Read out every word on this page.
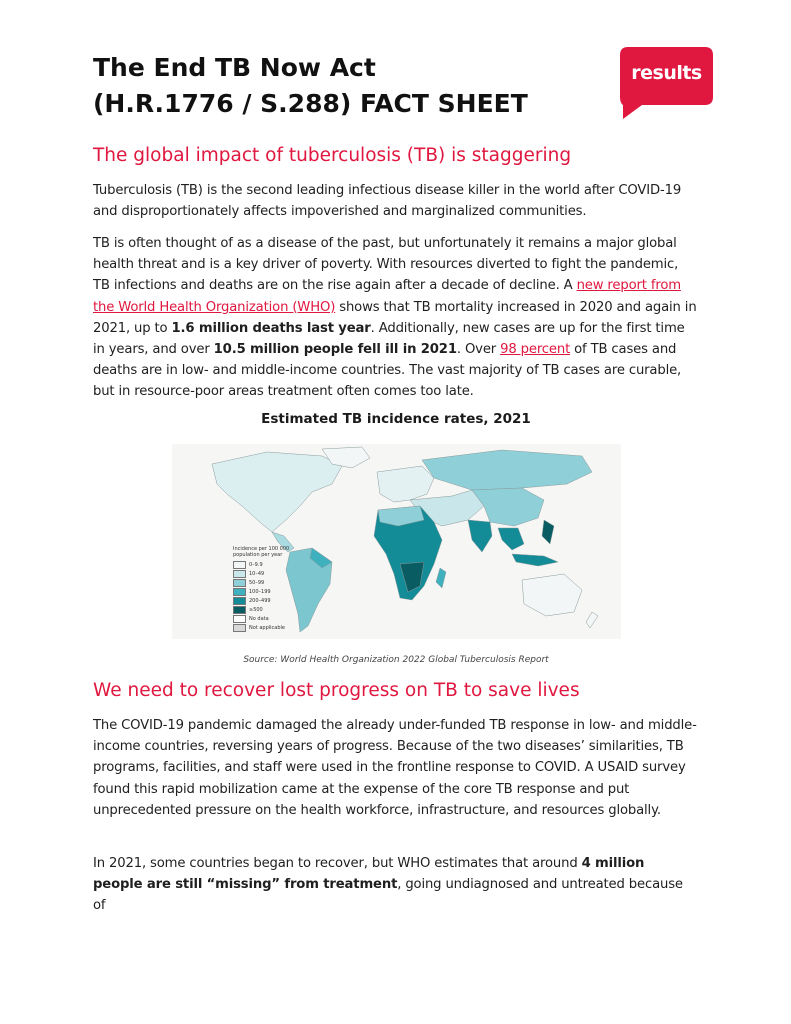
The End TB Now Act
(H.R.1776 / S.288) FACT SHEET
results
The global impact of tuberculosis (TB) is staggering

Tuberculosis (TB) is the second leading infectious disease killer in the world after COVID-19 and disproportionately affects impoverished and marginalized communities.

TB is often thought of as a disease of the past, but unfortunately it remains a major global health threat and is a key driver of poverty. With resources diverted to fight the pandemic, TB infections and deaths are on the rise again after a decade of decline. A new report from the World Health Organization (WHO) shows that TB mortality increased in 2020 and again in 2021, up to 1.6 million deaths last year. Additionally, new cases are up for the first time in years, and over 10.5 million people fell ill in 2021. Over 98 percent of TB cases and deaths are in low- and middle-income countries. The vast majority of TB cases are curable, but in resource-poor areas treatment often comes too late.

Estimated TB incidence rates, 2021

Incidence per 100 000 population per year
0–9.9
10–49
50–99
100–199
200–499
≥500
No data
Not applicable

Source: World Health Organization 2022 Global Tuberculosis Report

We need to recover lost progress on TB to save lives

The COVID-19 pandemic damaged the already under-funded TB response in low- and middle-income countries, reversing years of progress. Because of the two diseases’ similarities, TB programs, facilities, and staff were used in the frontline response to COVID. A USAID survey found this rapid mobilization came at the expense of the core TB response and put unprecedented pressure on the health workforce, infrastructure, and resources globally.

In 2021, some countries began to recover, but WHO estimates that around 4 million people are still “missing” from treatment, going undiagnosed and untreated because of
